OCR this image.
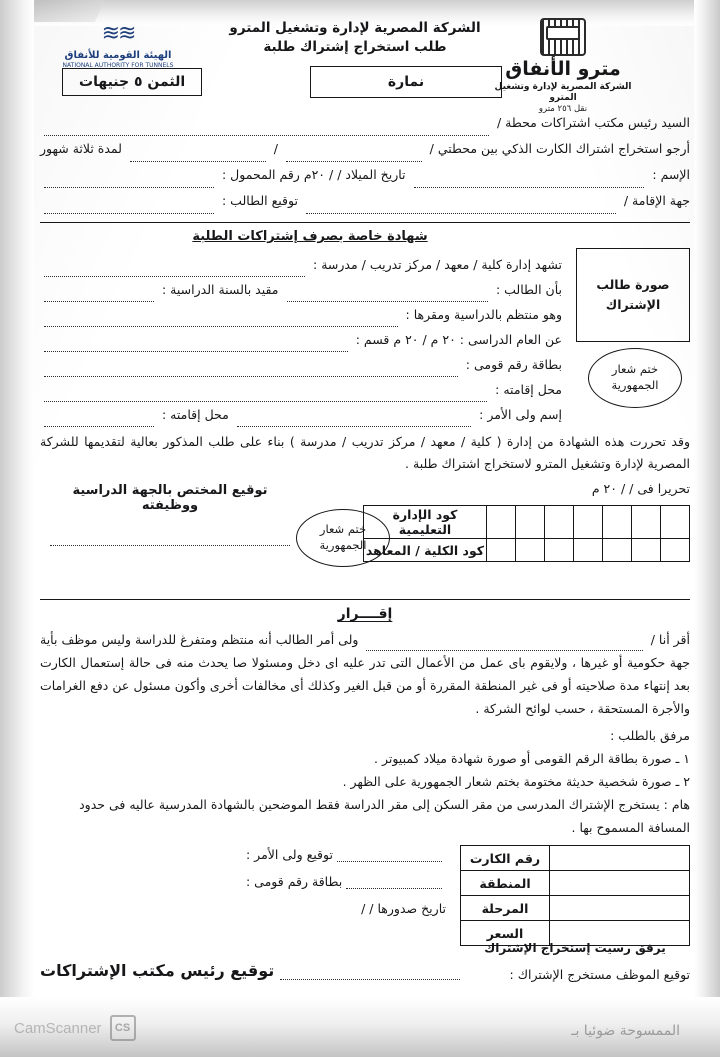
مترو الأنفاق
الشركة المصرية لإدارة وتشغيل المترو
نقل ٢٥٦ مترو
الشركة المصرية لإدارة وتشغيل المترو
طلب استخراج إشتراك طلبة
≋≋
الهيئة القومية للأنفاق
NATIONAL AUTHORITY FOR TUNNELS
الثمن ٥ جنيهات	نمارة
السيد رئيس مكتب اشتراكات محطة /
أرجو استخراج اشتراك الكارت الذكي بين محطتي /
/
لمدة ثلاثة شهور
الإسم :
تاريخ الميلاد / / ٢٠م
رقم المحمول :
جهة الإقامة /
توقيع الطالب :
شهادة خاصة بصرف إشتراكات الطلبة
صورة طالب الإشتراك
ختم شعار الجمهورية
تشهد إدارة كلية / معهد / مركز تدريب / مدرسة :
بأن الطالب :
مقيد بالسنة الدراسية :
وهو منتظم بالدراسية ومقرها :
عن العام الدراسى : ٢٠ م / ٢٠ م قسم :
بطاقة رقم قومى :
محل إقامته :
إسم ولى الأمر :
محل إقامته :
وقد تحررت هذه الشهادة من إدارة ( كلية / معهد / مركز تدريب / مدرسة ) بناء على طلب المذكور بعالية لتقديمها للشركة المصرية لإدارة وتشغيل المترو لاستخراج اشتراك طلبة .
تحريرا فى / / ٢٠ م
							كود الإدارة التعليمية
							كود الكلية / المعاهد
ختم شعار الجمهورية
توقيع المختص بالجهة الدراسية ووظيفته
إقــــرار
أقر أنا /
ولى أمر الطالب أنه منتظم ومتفرغ للدراسة وليس موظف بأية
جهة حكومية أو غيرها ، ولايقوم باى عمل من الأعمال التى تدر عليه اى دخل ومسئولا صا يحدث منه فى حالة إستعمال الكارت بعد إنتهاء مدة صلاحيته أو فى غير المنطقة المقررة أو من قبل الغير وكذلك أى مخالفات أخرى وأكون مسئول عن دفع الغرامات والأجرة المستحقة ، حسب لوائح الشركة .
مرفق بالطلب :
١ ـ صورة بطاقة الرقم القومى أو صورة شهادة ميلاد كمبيوتر .
٢ ـ صورة شخصية حديثة مختومة بختم شعار الجمهورية على الظهر .
هام : يستخرج الإشتراك المدرسى من مقر السكن إلى مقر الدراسة فقط الموضحين بالشهادة المدرسية عاليه فى حدود المسافة المسموح بها .
	رقم الكارت
	المنطقة
	المرحلة
	السعر
يرفق رسيت إستخراج الإشتراك
توقيع ولى الأمر :
بطاقة رقم قومى :
تاريخ صدورها / /
توقيع الموظف مستخرج الإشتراك :
توقيع رئيس مكتب الإشتراكات
CS
CamScanner	الممسوحة ضوئيا بـ
